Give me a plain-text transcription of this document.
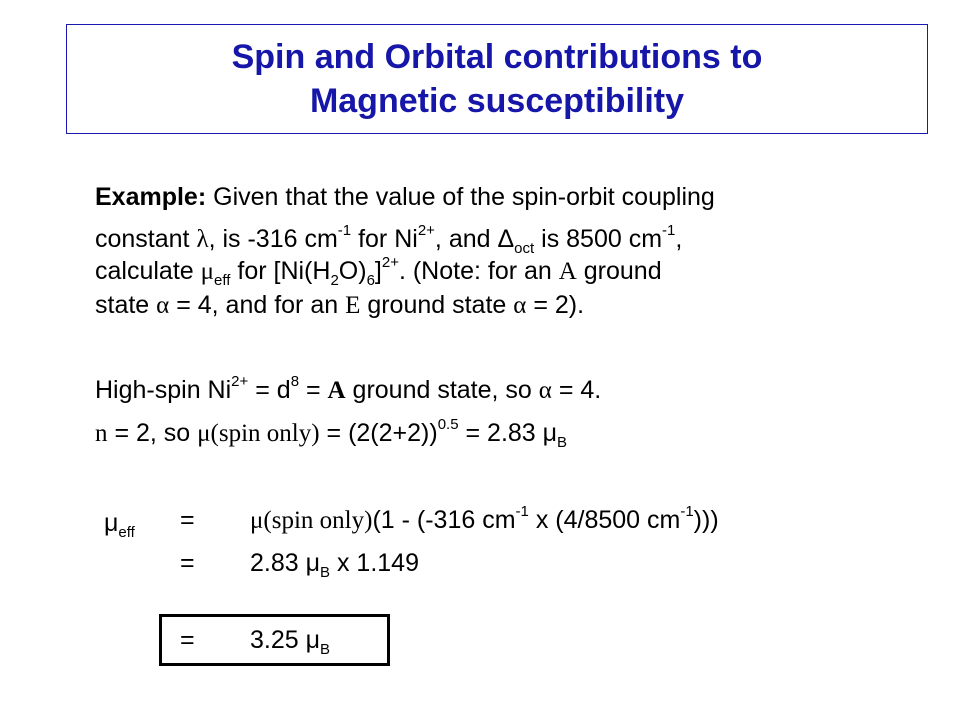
Spin and Orbital contributions to
Magnetic susceptibility
Example: Given that the value of the spin-orbit coupling
constant λ, is -316 $cm^{-1}$ for $Ni^{2+}$, and $\Delta_{oct}$ is 8500 $cm^{-1}$,
calculate $\mu_{eff}$ for $[Ni(H_2O)_6]^{2+}$. (Note: for an A ground
state α = 4, and for an E ground state α = 2).
High-spin $Ni^{2+} = d^8 = A$ ground state, so α = 4.
n = 2, so μ(spin only) = $(2(2+2))^{0.5} = 2.83$ $\mu_B$
$\mu_{eff}$ = μ(spin only)(1 - (-316 $cm^{-1}$ x (4/8500 $cm^{-1}$)))
= 2.83 $\mu_B$ x 1.149
= 3.25 $\mu_B$
